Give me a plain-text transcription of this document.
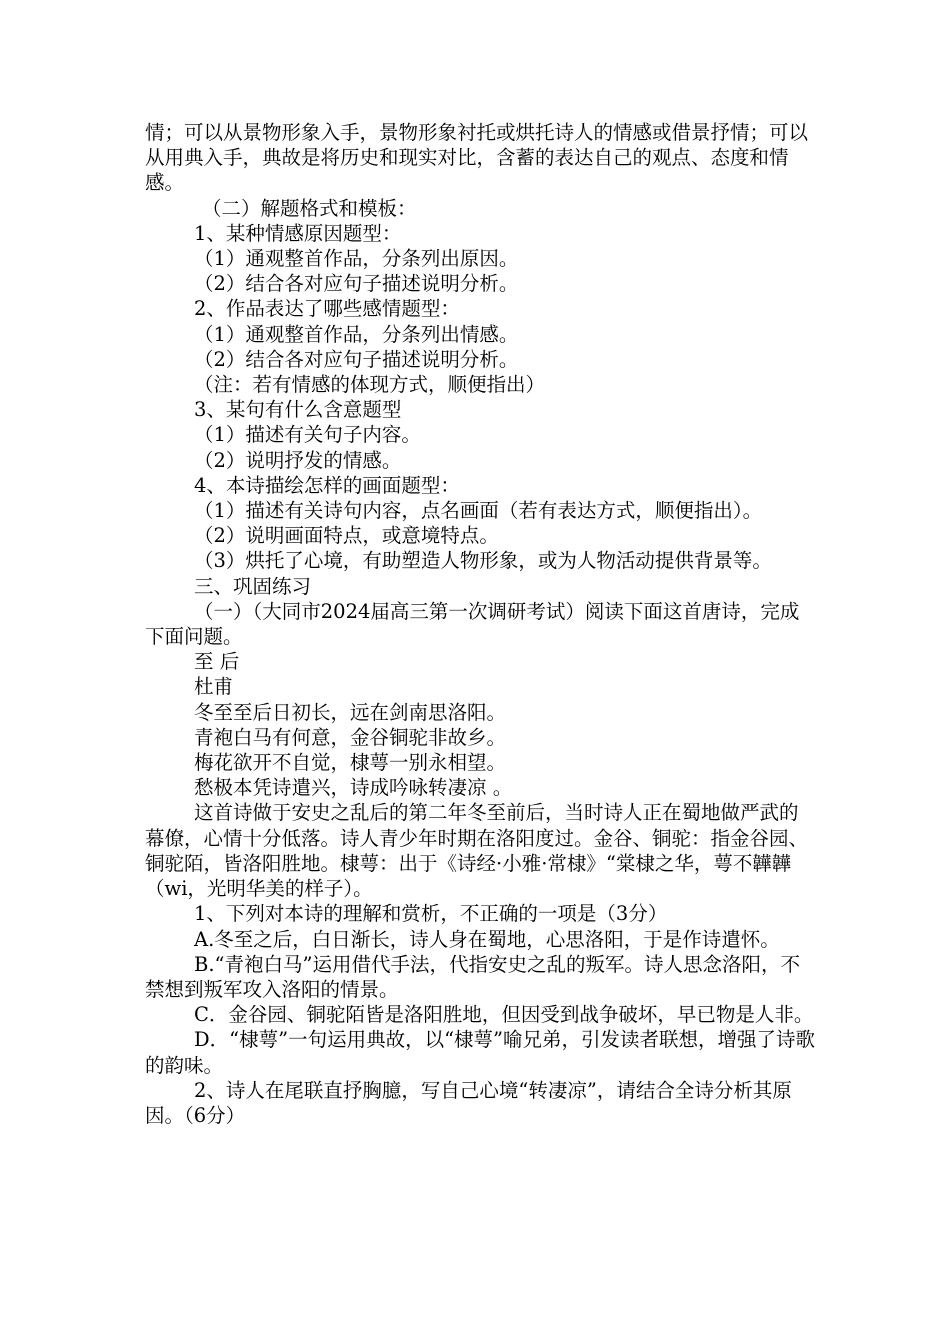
情；可以从景物形象入手，景物形象衬托或烘托诗人的情感或借景抒情；可以从用典入手，典故是将历史和现实对比，含蓄的表达自己的观点、态度和情感。

（二）解题格式和模板：

1、某种情感原因题型：

（1）通观整首作品，分条列出原因。

（2）结合各对应句子描述说明分析。

2、作品表达了哪些感情题型：

（1）通观整首作品，分条列出情感。

（2）结合各对应句子描述说明分析。

（注：若有情感的体现方式，顺便指出）

3、某句有什么含意题型

（1）描述有关句子内容。

（2）说明抒发的情感。

4、本诗描绘怎样的画面题型：

（1）描述有关诗句内容，点名画面（若有表达方式，顺便指出）。

（2）说明画面特点，或意境特点。

（3）烘托了心境，有助塑造人物形象，或为人物活动提供背景等。

三、巩固练习

（一）（大同市2024届高三第一次调研考试）阅读下面这首唐诗，完成下面问题。

至 后

杜甫

冬至至后日初长，远在剑南思洛阳。

青袍白马有何意，金谷铜驼非故乡。

梅花欲开不自觉，棣萼一别永相望。

愁极本凭诗遣兴，诗成吟咏转凄凉 。

这首诗做于安史之乱后的第二年冬至前后，当时诗人正在蜀地做严武的幕僚，心情十分低落。诗人青少年时期在洛阳度过。金谷、铜驼：指金谷园、铜驼陌，皆洛阳胜地。棣萼：出于《诗经·小雅·常棣》“棠棣之华，萼不韡韡（wi，光明华美的样子）。

1、下列对本诗的理解和赏析，不正确的一项是（3分）

A.冬至之后，白日渐长，诗人身在蜀地，心思洛阳，于是作诗遣怀。

B.“青袍白马”运用借代手法，代指安史之乱的叛军。诗人思念洛阳，不禁想到叛军攻入洛阳的情景。

C．金谷园、铜驼陌皆是洛阳胜地，但因受到战争破坏，早已物是人非。

D．“棣萼”一句运用典故，以“棣萼”喻兄弟，引发读者联想，增强了诗歌的韵味。

2、诗人在尾联直抒胸臆，写自己心境“转凄凉”，请结合全诗分析其原因。（6分）
